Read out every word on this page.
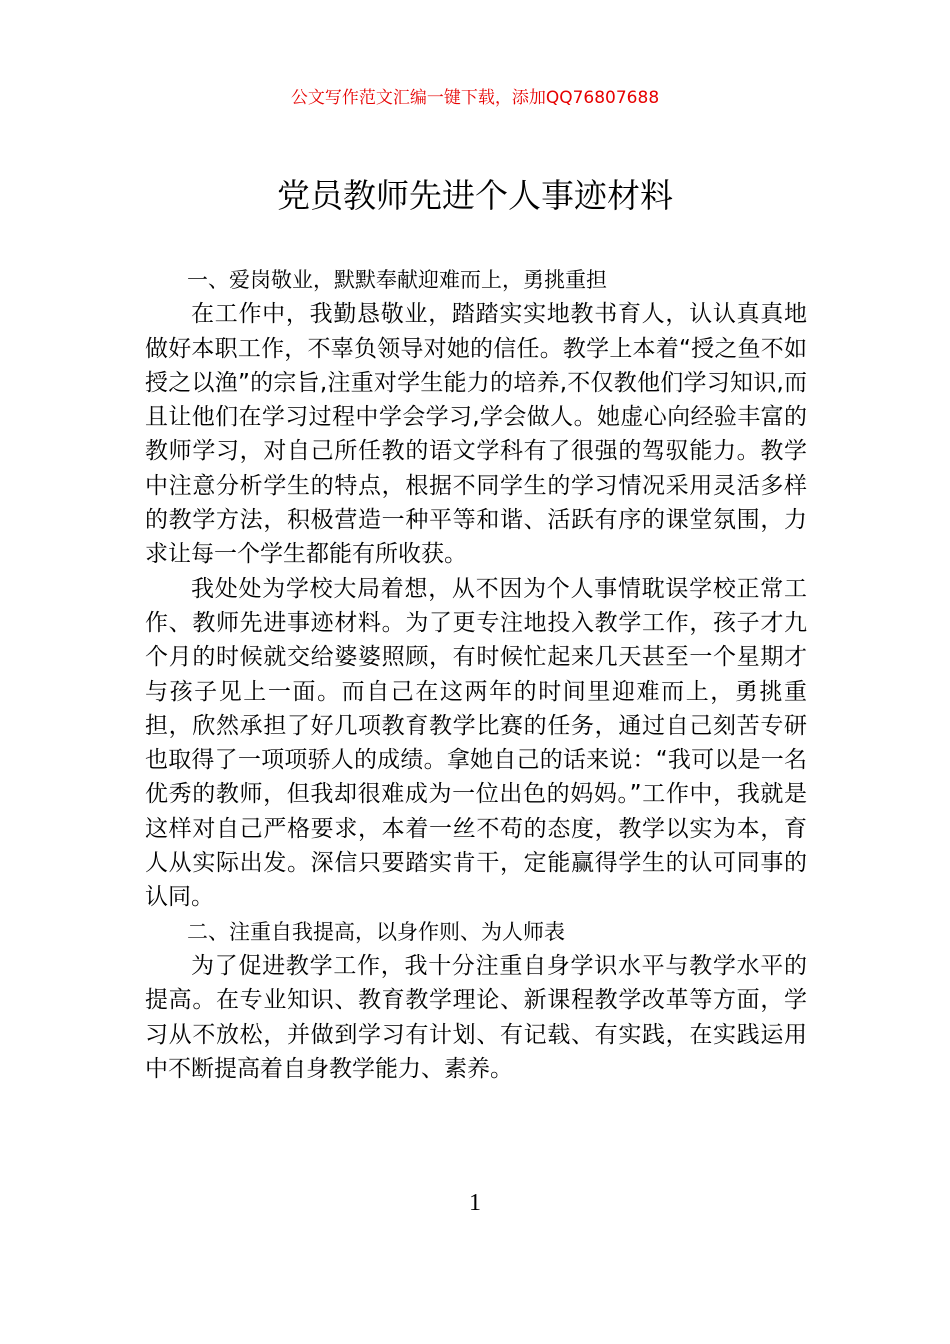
公文写作范文汇编一键下载，添加QQ76807688
党员教师先进个人事迹材料

一、爱岗敬业，默默奉献迎难而上，勇挑重担

在工作中，我勤恳敬业，踏踏实实地教书育人，认认真真地做好本职工作，不辜负领导对她的信任。教学上本着“授之鱼不如授之以渔”的宗旨,注重对学生能力的培养,不仅教他们学习知识,而且让他们在学习过程中学会学习,学会做人。她虚心向经验丰富的教师学习，对自己所任教的语文学科有了很强的驾驭能力。教学中注意分析学生的特点，根据不同学生的学习情况采用灵活多样的教学方法，积极营造一种平等和谐、活跃有序的课堂氛围，力求让每一个学生都能有所收获。

我处处为学校大局着想，从不因为个人事情耽误学校正常工作、教师先进事迹材料。为了更专注地投入教学工作，孩子才九个月的时候就交给婆婆照顾，有时候忙起来几天甚至一个星期才与孩子见上一面。而自己在这两年的时间里迎难而上，勇挑重担，欣然承担了好几项教育教学比赛的任务，通过自己刻苦专研也取得了一项项骄人的成绩。拿她自己的话来说：“我可以是一名优秀的教师，但我却很难成为一位出色的妈妈。”工作中，我就是这样对自己严格要求，本着一丝不苟的态度，教学以实为本，育人从实际出发。深信只要踏实肯干，定能赢得学生的认可同事的认同。

二、注重自我提高，以身作则、为人师表

为了促进教学工作，我十分注重自身学识水平与教学水平的提高。在专业知识、教育教学理论、新课程教学改革等方面，学习从不放松，并做到学习有计划、有记载、有实践，在实践运用中不断提高着自身教学能力、素养。

1
